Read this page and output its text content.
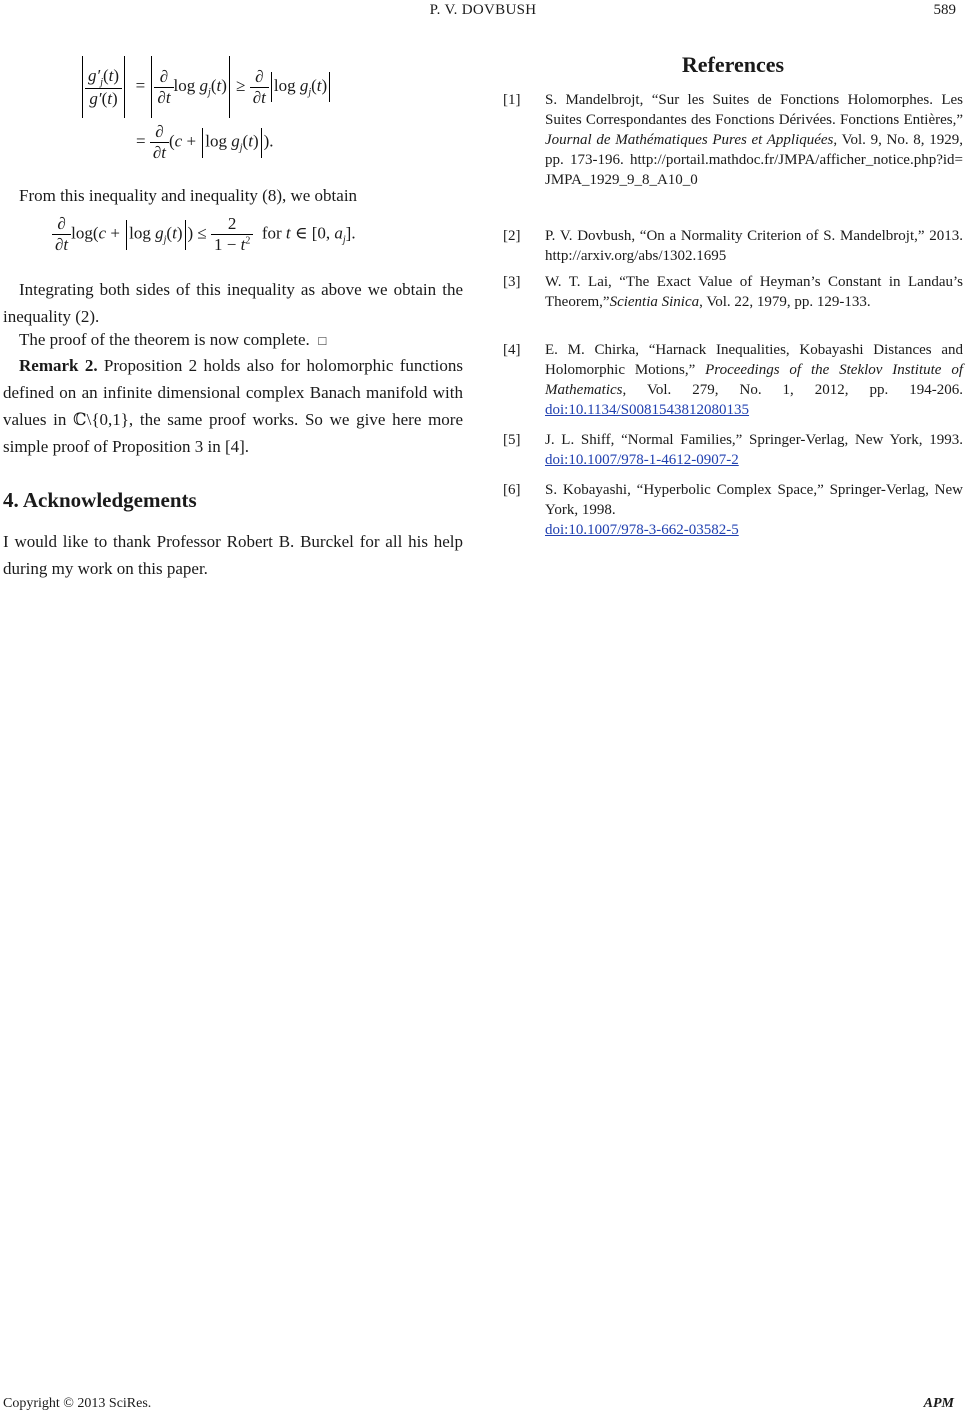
P. V. DOVBUSH	589
$\frac{g'_j(t)}{g'(t)} = \frac{\partial}{\partial t}$ $\log g_j(t) \ge \frac{\partial}{\partial t}$ $\log g_j(t)$
= $\frac{\partial}{\partial t} (c + \log g_j(t)$ ).
From this inequality and inequality (8), we obtain
$\frac{\partial}{\partial t} \log(c + \log g_j(t)$ ) ≤ $\frac{2}{1 - t^2}$ for t ∈ [0, $a_j$].
Integrating both sides of this inequality as above we obtain the inequality (2).
The proof of the theorem is now complete. □
Remark 2. Proposition 2 holds also for holomorphic functions defined on an infinite dimensional complex Banach manifold with values in ℂ\{0,1}, the same proof works. So we give here more simple proof of Proposition 3 in [4].
4. Acknowledgements
I would like to thank Professor Robert B. Burckel for all his help during my work on this paper.
References
[1]	S. Mandelbrojt, “Sur les Suites de Fonctions Holomorphes. Les Suites Correspondantes des Fonctions Dérivées. Fonctions Entières,” Journal de Mathématiques Pures et Appliquées, Vol. 9, No. 8, 1929, pp. 173-196. http://portail.mathdoc.fr/JMPA/afficher_notice.php?id=JMPA_1929_9_8_A10_0
[2]	P. V. Dovbush, “On a Normality Criterion of S. Mandelbrojt,” 2013. http://arxiv.org/abs/1302.1695
[3]	W. T. Lai, “The Exact Value of Heyman’s Constant in Landau’s Theorem,”Scientia Sinica, Vol. 22, 1979, pp. 129-133.
[4]	E. M. Chirka, “Harnack Inequalities, Kobayashi Distances and Holomorphic Motions,” Proceedings of the Steklov Institute of Mathematics, Vol. 279, No. 1, 2012, pp. 194-206. doi:10.1134/S0081543812080135
[5]	J. L. Shiff, “Normal Families,” Springer-Verlag, New York, 1993. doi:10.1007/978-1-4612-0907-2
[6]	S. Kobayashi, “Hyperbolic Complex Space,” Springer-Verlag, New York, 1998.
doi:10.1007/978-3-662-03582-5
Copyright © 2013 SciRes.	APM
